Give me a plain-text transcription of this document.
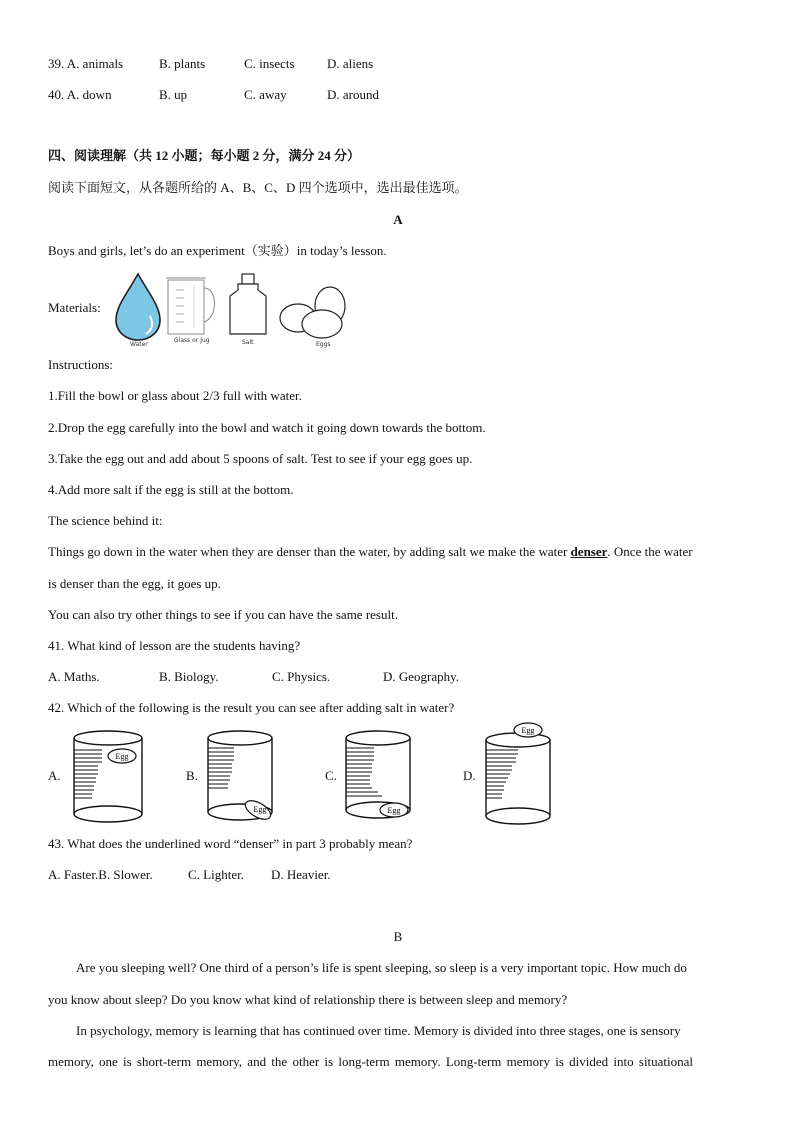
39. A. animals	B. plants	C. insects D. aliens
40. A. down	B. up	C. away	D. around
四、阅读理解（共 12 小题；每小题 2 分，满分 24 分）
阅读下面短文，从各题所给的 A、B、C、D 四个选项中，选出最佳选项。
A
Boys and girls, let’s do an experiment（实验）in today’s lesson.
Materials:
Water
Glass or Jug	Salt	Eggs
Instructions:
1.Fill the bowl or glass about 2/3 full with water.
2.Drop the egg carefully into the bowl and watch it going down towards the bottom.
3.Take the egg out and add about 5 spoons of salt. Test to see if your egg goes up.
4.Add more salt if the egg is still at the bottom.
The science behind it:
Things go down in the water when they are denser than the water, by adding salt we make the water denser. Once the water
is denser than the egg, it goes up.
You can also try other things to see if you can have the same result.
41. What kind of lesson are the students having?
A. Maths.	B. Biology.	C. Physics.	D. Geography.
42. Which of the following is the result you can see after adding salt in water?
A.
Egg
B.
Egg
C.
Egg
D.
Egg
43. What does the underlined word “denser” in part 3 probably mean?
A. Faster.B. Slower.	C. Lighter. D. Heavier.
B
Are you sleeping well? One third of a person’s life is spent sleeping, so sleep is a very important topic. How much do
you know about sleep? Do you know what kind of relationship there is between sleep and memory?
In psychology, memory is learning that has continued over time. Memory is divided into three stages, one is sensory
memory, one is short-term memory, and the other is long-term memory. Long-term memory is divided into situational
